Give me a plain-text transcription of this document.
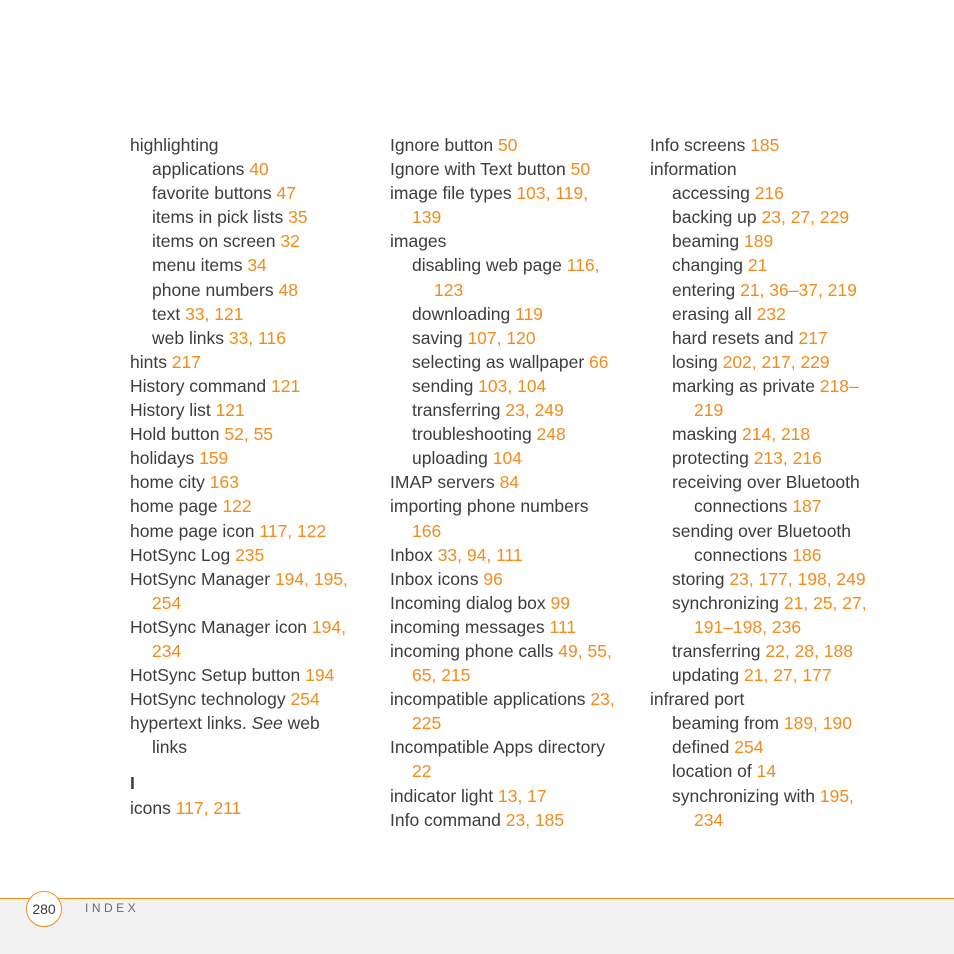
highlighting
applications 40
favorite buttons 47
items in pick lists 35
items on screen 32
menu items 34
phone numbers 48
text 33, 121
web links 33, 116
hints 217
History command 121
History list 121
Hold button 52, 55
holidays 159
home city 163
home page 122
home page icon 117, 122
HotSync Log 235
HotSync Manager 194, 195,
254
HotSync Manager icon 194,
234
HotSync Setup button 194
HotSync technology 254
hypertext links. See web
links
I
icons 117, 211
Ignore button 50
Ignore with Text button 50
image file types 103, 119,
139
images
disabling web page 116,
123
downloading 119
saving 107, 120
selecting as wallpaper 66
sending 103, 104
transferring 23, 249
troubleshooting 248
uploading 104
IMAP servers 84
importing phone numbers
166
Inbox 33, 94, 111
Inbox icons 96
Incoming dialog box 99
incoming messages 111
incoming phone calls 49, 55,
65, 215
incompatible applications 23,
225
Incompatible Apps directory
22
indicator light 13, 17
Info command 23, 185
Info screens 185
information
accessing 216
backing up 23, 27, 229
beaming 189
changing 21
entering 21, 36–37, 219
erasing all 232
hard resets and 217
losing 202, 217, 229
marking as private 218–
219
masking 214, 218
protecting 213, 216
receiving over Bluetooth
connections 187
sending over Bluetooth
connections 186
storing 23, 177, 198, 249
synchronizing 21, 25, 27,
191–198, 236
transferring 22, 28, 188
updating 21, 27, 177
infrared port
beaming from 189, 190
defined 254
location of 14
synchronizing with 195,
234
280	INDEX
